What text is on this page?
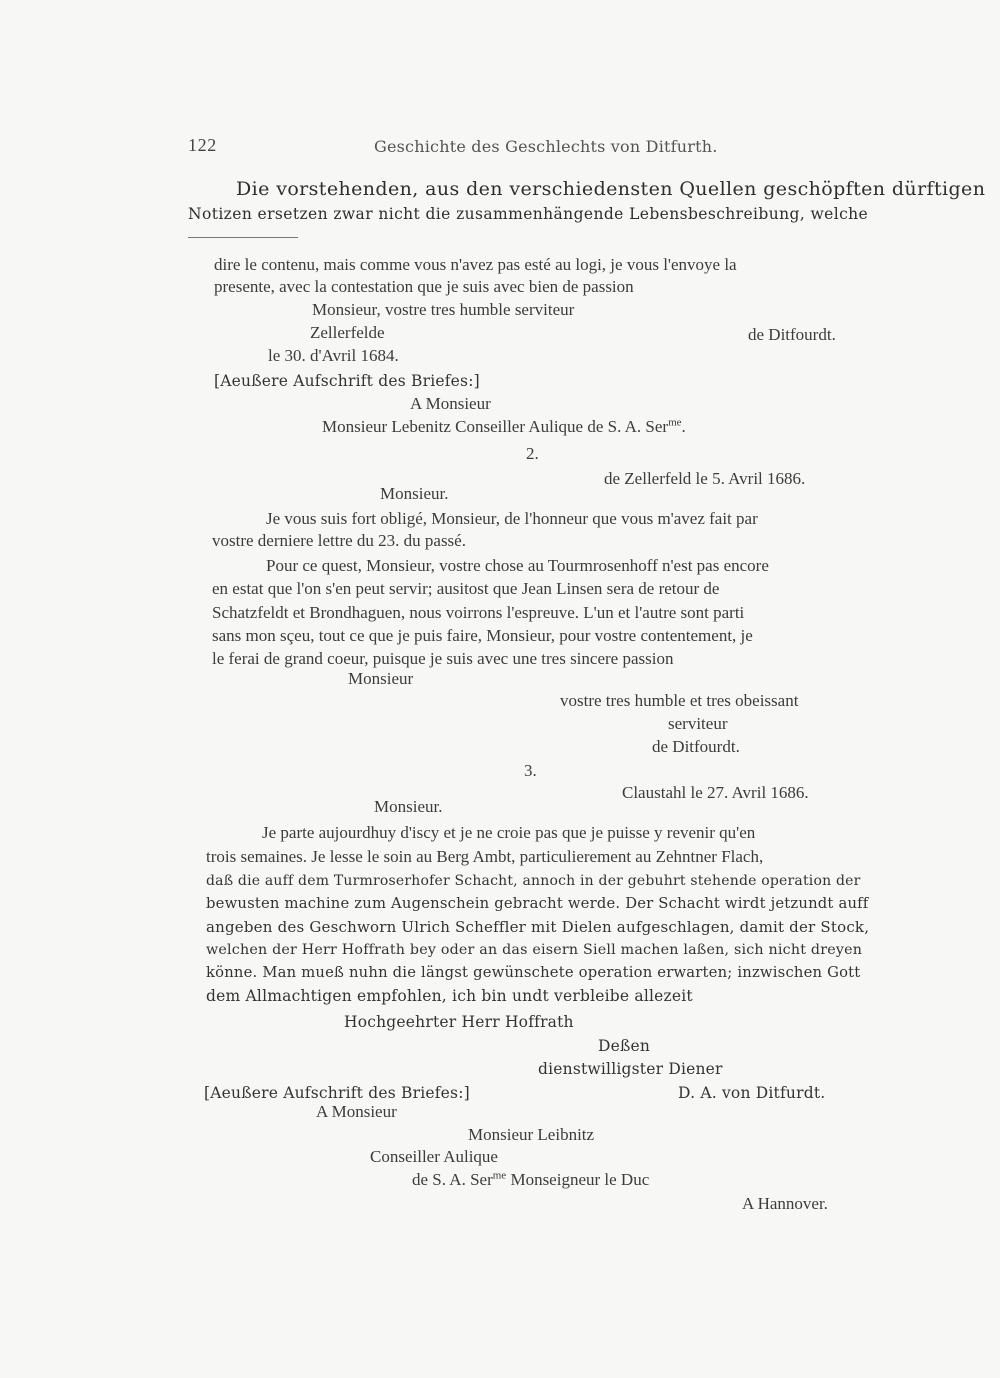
122	Geschichte des Geschlechts von Ditfurth.
Die vorstehenden, aus den verschiedensten Quellen geschöpften dürftigen
Notizen ersetzen zwar nicht die zusammenhängende Lebensbeschreibung, welche
dire le contenu, mais comme vous n'avez pas esté au logi, je vous l'envoye la
presente, avec la contestation que je suis avec bien de passion
Monsieur, vostre tres humble serviteur
Zellerfelde	de Ditfourdt.
le 30. d'Avril 1684.
[Aeußere Aufschrift des Briefes:]
A Monsieur
Monsieur Lebenitz Conseiller Aulique de S. A. Ser$^{me}$.
2.
de Zellerfeld le 5. Avril 1686.
Monsieur.
Je vous suis fort obligé, Monsieur, de l'honneur que vous m'avez fait par
vostre derniere lettre du 23. du passé.
Pour ce quest, Monsieur, vostre chose au Tourmrosenhoff n'est pas encore
en estat que l'on s'en peut servir; ausitost que Jean Linsen sera de retour de
Schatzfeldt et Brondhaguen, nous voirrons l'espreuve. L'un et l'autre sont parti
sans mon sçeu, tout ce que je puis faire, Monsieur, pour vostre contentement, je
le ferai de grand coeur, puisque je suis avec une tres sincere passion
Monsieur
vostre tres humble et tres obeissant
serviteur
de Ditfourdt.
3.
Claustahl le 27. Avril 1686.
Monsieur.
Je parte aujourdhuy d'iscy et je ne croie pas que je puisse y revenir qu'en
trois semaines. Je lesse le soin au Berg Ambt, particulierement au Zehntner Flach,
daß die auff dem Turmroserhofer Schacht, annoch in der gebuhrt stehende operation der
bewusten machine zum Augenschein gebracht werde. Der Schacht wirdt jetzundt auff
angeben des Geschworn Ulrich Scheffler mit Dielen aufgeschlagen, damit der Stock,
welchen der Herr Hoffrath bey oder an das eisern Siell machen laßen, sich nicht dreyen
könne. Man mueß nuhn die längst gewünschete operation erwarten; inzwischen Gott
dem Allmachtigen empfohlen, ich bin undt verbleibe allezeit
Hochgeehrter Herr Hoffrath
Deßen
dienstwilligster Diener
[Aeußere Aufschrift des Briefes:]	D. A. von Ditfurdt.
A Monsieur
Monsieur Leibnitz
Conseiller Aulique
de S. A. Ser$^{me}$ Monseigneur le Duc
A Hannover.
